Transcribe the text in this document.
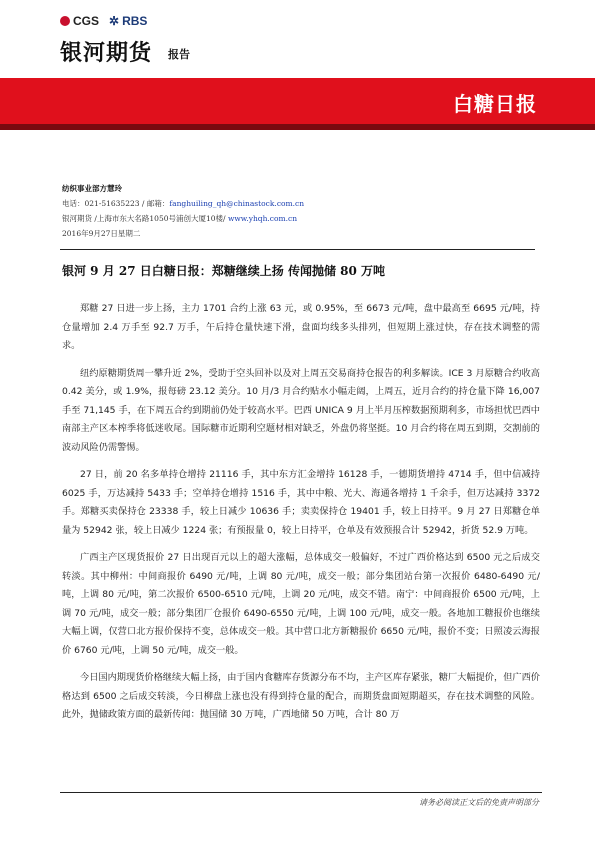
CGS ✲ RBS
银河期货 报告
白糖日报
纺织事业部方慧玲
电话：021-51635223 / 邮箱：fanghuiling_qh@chinastock.com.cn
银河期货 /上海市东大名路1050号浦创大厦10楼/ www.yhqh.com.cn
2016年9月27日星期二
银河 9 月 27 日白糖日报：郑糖继续上扬 传闻抛储 80 万吨

郑糖 27 日进一步上扬，主力 1701 合约上涨 63 元，或 0.95%，至 6673 元/吨，盘中最高至 6695 元/吨，持仓量增加 2.4 万手至 92.7 万手，午后持仓量快速下滑，盘面均线多头排列，但短期上涨过快，存在技术调整的需求。

纽约原糖期货周一攀升近 2%，受助于空头回补以及对上周五交易商持仓报告的利多解读。ICE 3 月原糖合约收高 0.42 美分，或 1.9%，报每磅 23.12 美分。10 月/3 月合约贴水小幅走阔，上周五，近月合约的持仓量下降 16,007 手至 71,145 手，在下周五合约到期前仍处于较高水平。巴西 UNICA 9 月上半月压榨数据预期利多，市场担忧巴西中南部主产区本榨季将低迷收尾。国际糖市近期利空题材相对缺乏，外盘仍将坚挺。10 月合约将在周五到期，交割前的波动风险仍需警惕。

27 日，前 20 名多单持仓增持 21116 手，其中东方汇金增持 16128 手，一德期货增持 4714 手，但中信减持 6025 手，万达减持 5433 手；空单持仓增持 1516 手，其中中粮、光大、海通各增持 1 千余手，但万达减持 3372 手。郑糖买卖保持仓 23338 手，较上日减少 10636 手；卖卖保持仓 19401 手，较上日持平。9 月 27 日郑糖仓单量为 52942 张，较上日减少 1224 张；有预报量 0，较上日持平，仓单及有效预报合计 52942，折货 52.9 万吨。

广西主产区现货报价 27 日出现百元以上的超大涨幅，总体成交一般偏好，不过广西价格达到 6500 元之后成交转淡。其中柳州：中间商报价 6490 元/吨，上调 80 元/吨，成交一般；部分集团站台第一次报价 6480-6490 元/吨，上调 80 元/吨，第二次报价 6500-6510 元/吨，上调 20 元/吨，成交不错。南宁：中间商报价 6500 元/吨，上调 70 元/吨，成交一般；部分集团厂仓报价 6490-6550 元/吨，上调 100 元/吨，成交一般。各地加工糖报价也继续大幅上调，仅营口北方报价保持不变，总体成交一般。其中营口北方新糖报价 6650 元/吨，报价不变；日照凌云海报价 6760 元/吨，上调 50 元/吨，成交一般。

今日国内期现货价格继续大幅上扬，由于国内食糖库存货源分布不均，主产区库存紧张，糖厂大幅提价，但广西价格达到 6500 之后成交转淡，今日柳盘上涨也没有得到持仓量的配合，而期货盘面短期超买，存在技术调整的风险。此外，抛储政策方面的最新传闻：抛国储 30 万吨，广西地储 50 万吨，合计 80 万

请务必阅读正文后的免责声明部分
